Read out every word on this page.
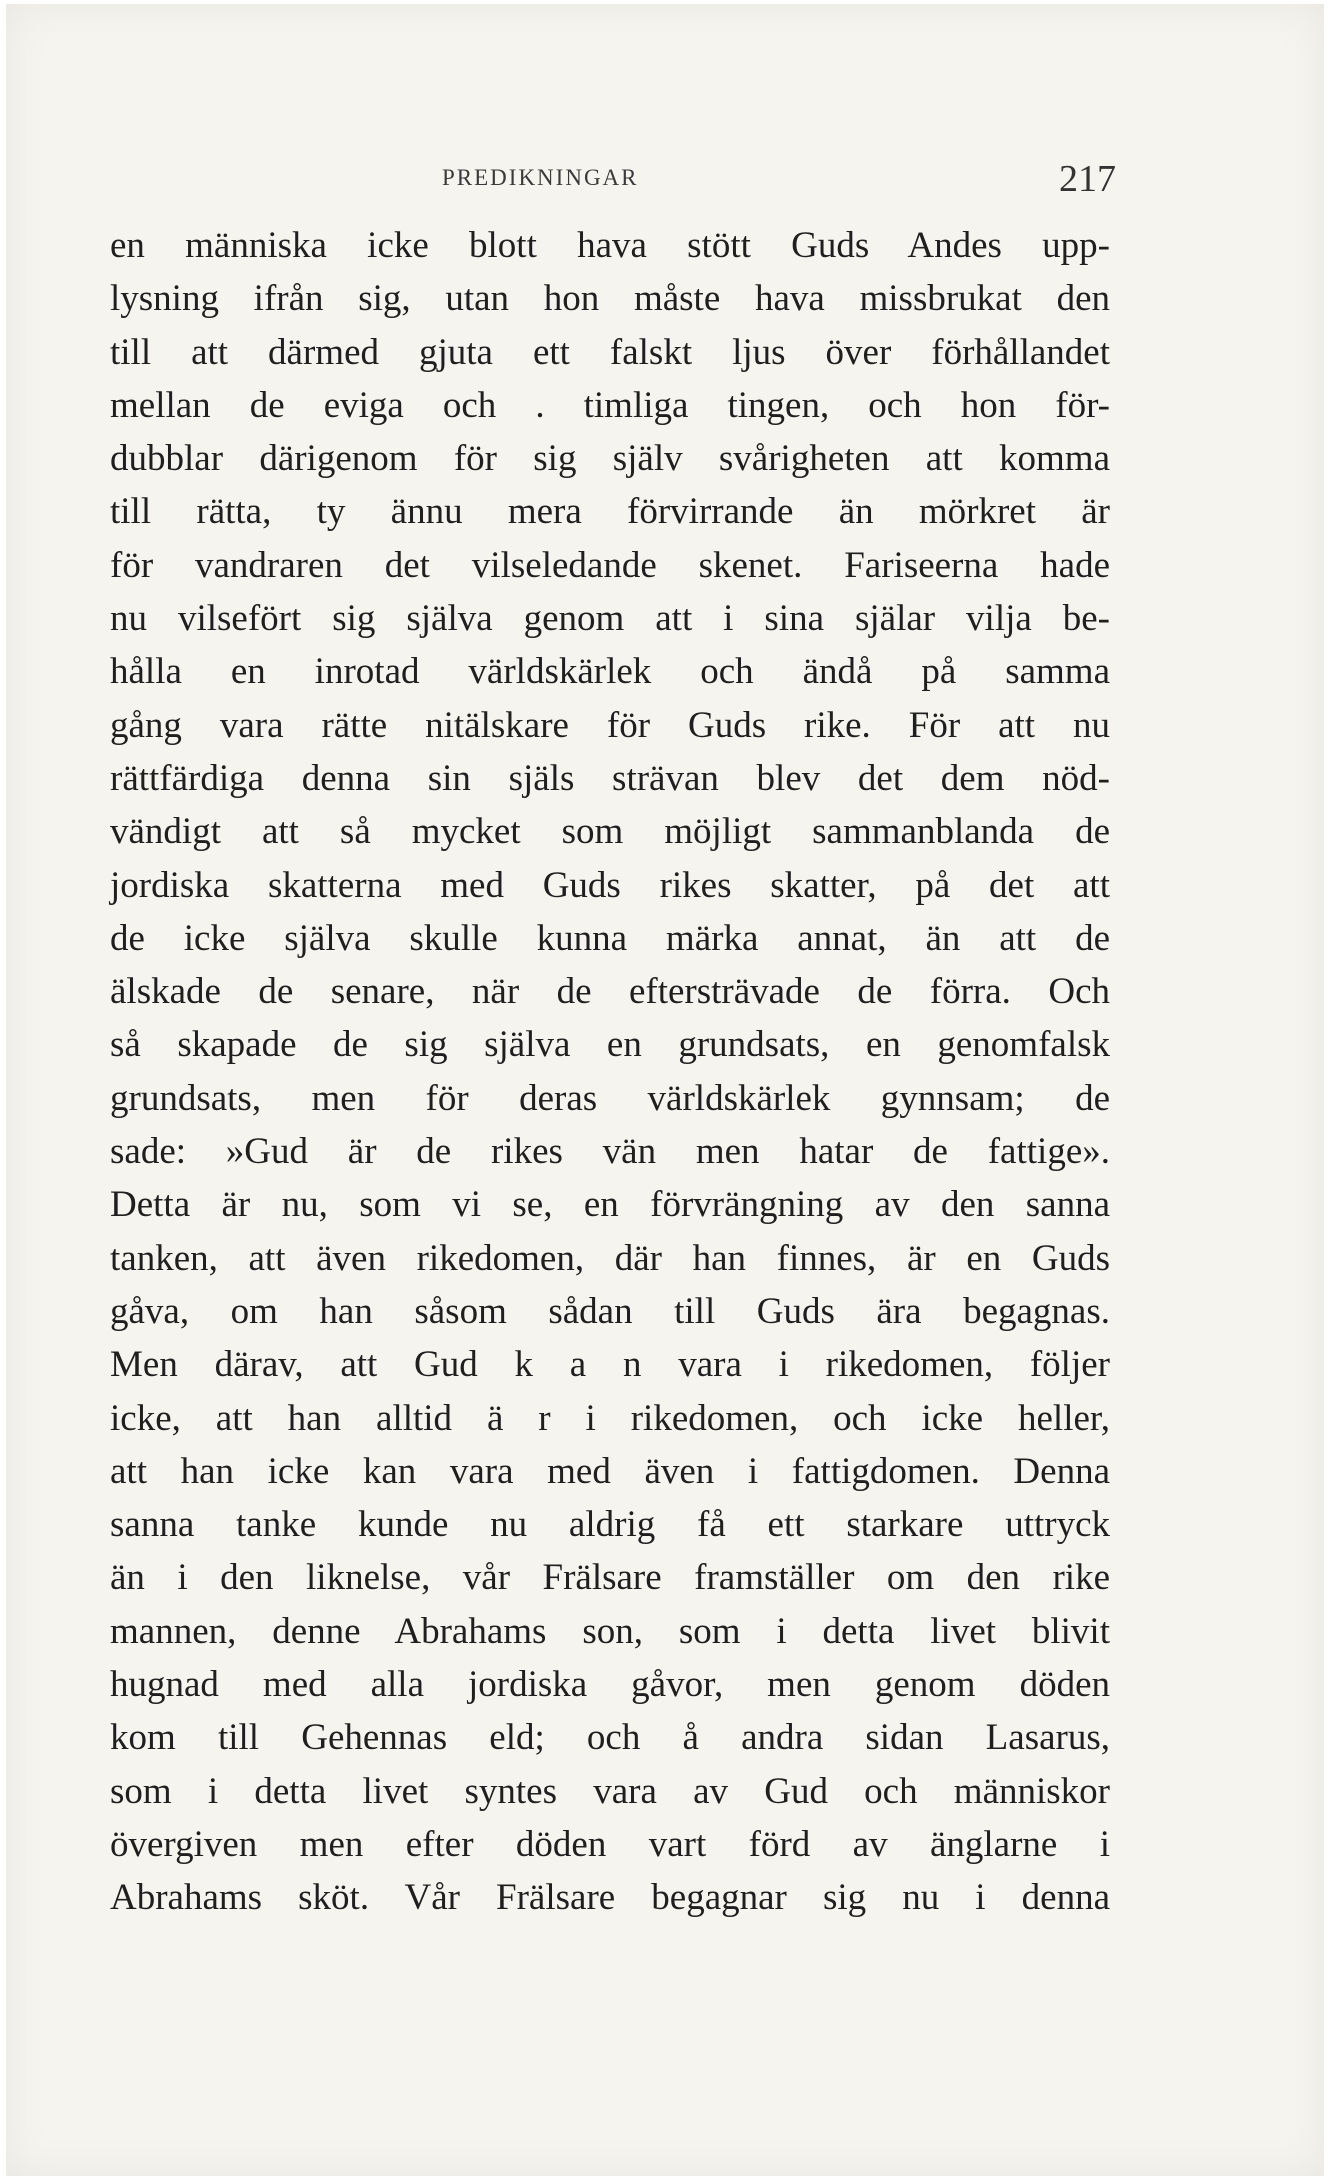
PREDIKNINGAR	217
en människa icke blott hava stött Guds Andes upp-
lysning ifrån sig, utan hon måste hava missbrukat den
till att därmed gjuta ett falskt ljus över förhållandet
mellan de eviga och . timliga tingen, och hon för-
dubblar därigenom för sig själv svårigheten att komma
till rätta, ty ännu mera förvirrande än mörkret är
för vandraren det vilseledande skenet. Fariseerna hade
nu vilsefört sig själva genom att i sina själar vilja be-
hålla en inrotad världskärlek och ändå på samma
gång vara rätte nitälskare för Guds rike. För att nu
rättfärdiga denna sin själs strävan blev det dem nöd-
vändigt att så mycket som möjligt sammanblanda de
jordiska skatterna med Guds rikes skatter, på det att
de icke själva skulle kunna märka annat, än att de
älskade de senare, när de eftersträvade de förra. Och
så skapade de sig själva en grundsats, en genomfalsk
grundsats, men för deras världskärlek gynnsam; de
sade: »Gud är de rikes vän men hatar de fattige».
Detta är nu, som vi se, en förvrängning av den sanna
tanken, att även rikedomen, där han finnes, är en Guds
gåva, om han såsom sådan till Guds ära begagnas.
Men därav, att Gud k a n vara i rikedomen, följer
icke, att han alltid ä r i rikedomen, och icke heller,
att han icke kan vara med även i fattigdomen. Denna
sanna tanke kunde nu aldrig få ett starkare uttryck
än i den liknelse, vår Frälsare framställer om den rike
mannen, denne Abrahams son, som i detta livet blivit
hugnad med alla jordiska gåvor, men genom döden
kom till Gehennas eld; och å andra sidan Lasarus,
som i detta livet syntes vara av Gud och människor
övergiven men efter döden vart förd av änglarne i
Abrahams sköt. Vår Frälsare begagnar sig nu i denna
